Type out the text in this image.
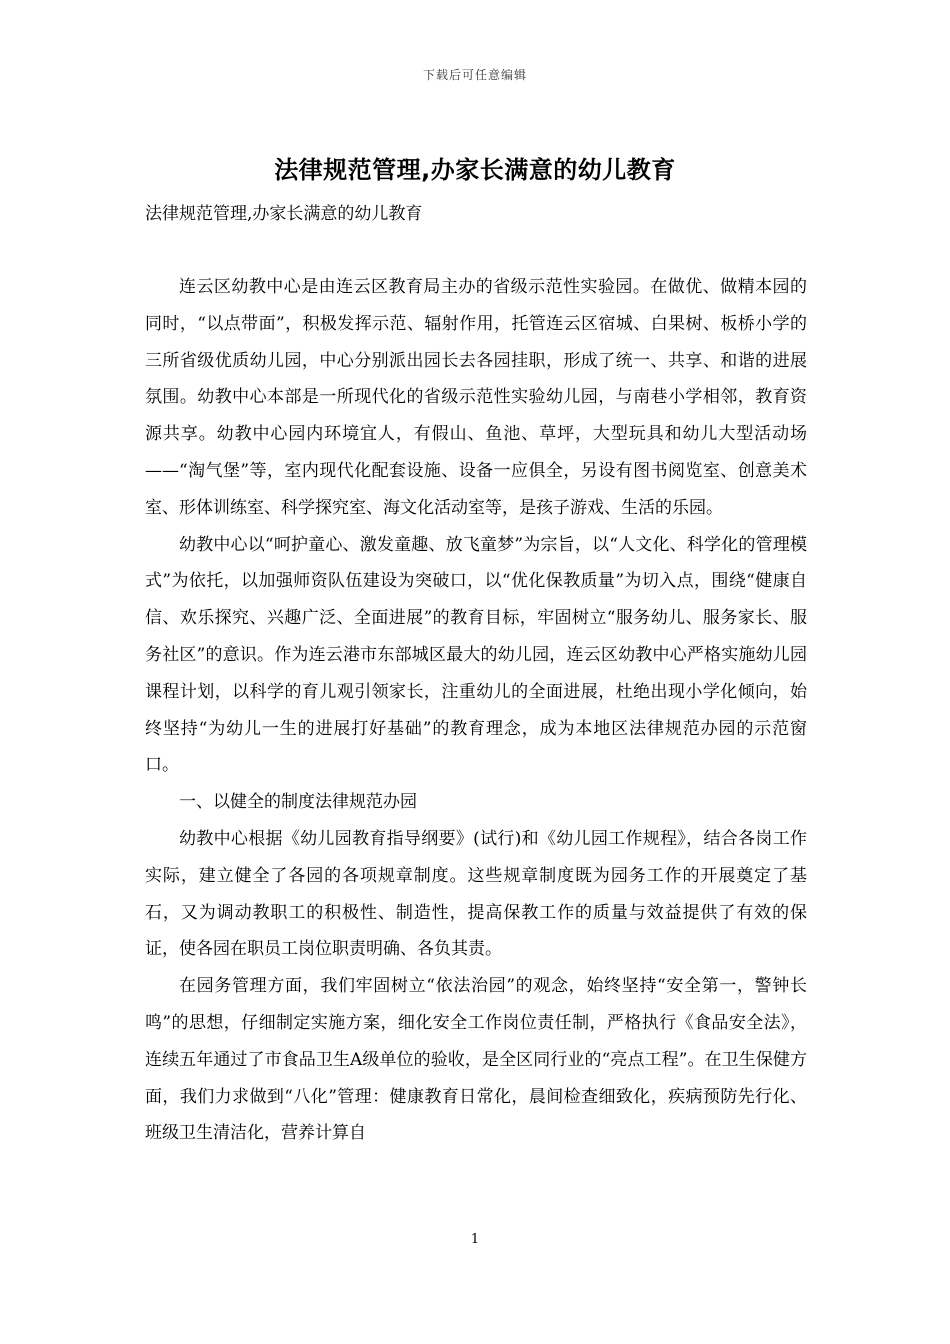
下载后可任意编辑
法律规范管理,办家长满意的幼儿教育
法律规范管理,办家长满意的幼儿教育

连云区幼教中心是由连云区教育局主办的省级示范性实验园。在做优、做精本园的同时，“以点带面”，积极发挥示范、辐射作用，托管连云区宿城、白果树、板桥小学的三所省级优质幼儿园，中心分别派出园长去各园挂职，形成了统一、共享、和谐的进展氛围。幼教中心本部是一所现代化的省级示范性实验幼儿园，与南巷小学相邻，教育资源共享。幼教中心园内环境宜人，有假山、鱼池、草坪，大型玩具和幼儿大型活动场——“淘气堡”等，室内现代化配套设施、设备一应俱全，另设有图书阅览室、创意美术室、形体训练室、科学探究室、海文化活动室等，是孩子游戏、生活的乐园。

幼教中心以“呵护童心、激发童趣、放飞童梦”为宗旨，以“人文化、科学化的管理模式”为依托，以加强师资队伍建设为突破口，以“优化保教质量”为切入点，围绕“健康自信、欢乐探究、兴趣广泛、全面进展”的教育目标，牢固树立“服务幼儿、服务家长、服务社区”的意识。作为连云港市东部城区最大的幼儿园，连云区幼教中心严格实施幼儿园课程计划，以科学的育儿观引领家长，注重幼儿的全面进展，杜绝出现小学化倾向，始终坚持“为幼儿一生的进展打好基础”的教育理念，成为本地区法律规范办园的示范窗口。

一、以健全的制度法律规范办园

幼教中心根据《幼儿园教育指导纲要》(试行)和《幼儿园工作规程》，结合各岗工作实际，建立健全了各园的各项规章制度。这些规章制度既为园务工作的开展奠定了基石，又为调动教职工的积极性、制造性，提高保教工作的质量与效益提供了有效的保证，使各园在职员工岗位职责明确、各负其责。

在园务管理方面，我们牢固树立“依法治园”的观念，始终坚持“安全第一，警钟长鸣”的思想，仔细制定实施方案，细化安全工作岗位责任制，严格执行《食品安全法》，连续五年通过了市食品卫生A级单位的验收，是全区同行业的“亮点工程”。在卫生保健方面，我们力求做到“八化”管理：健康教育日常化，晨间检查细致化，疾病预防先行化、班级卫生清洁化，营养计算自

1
